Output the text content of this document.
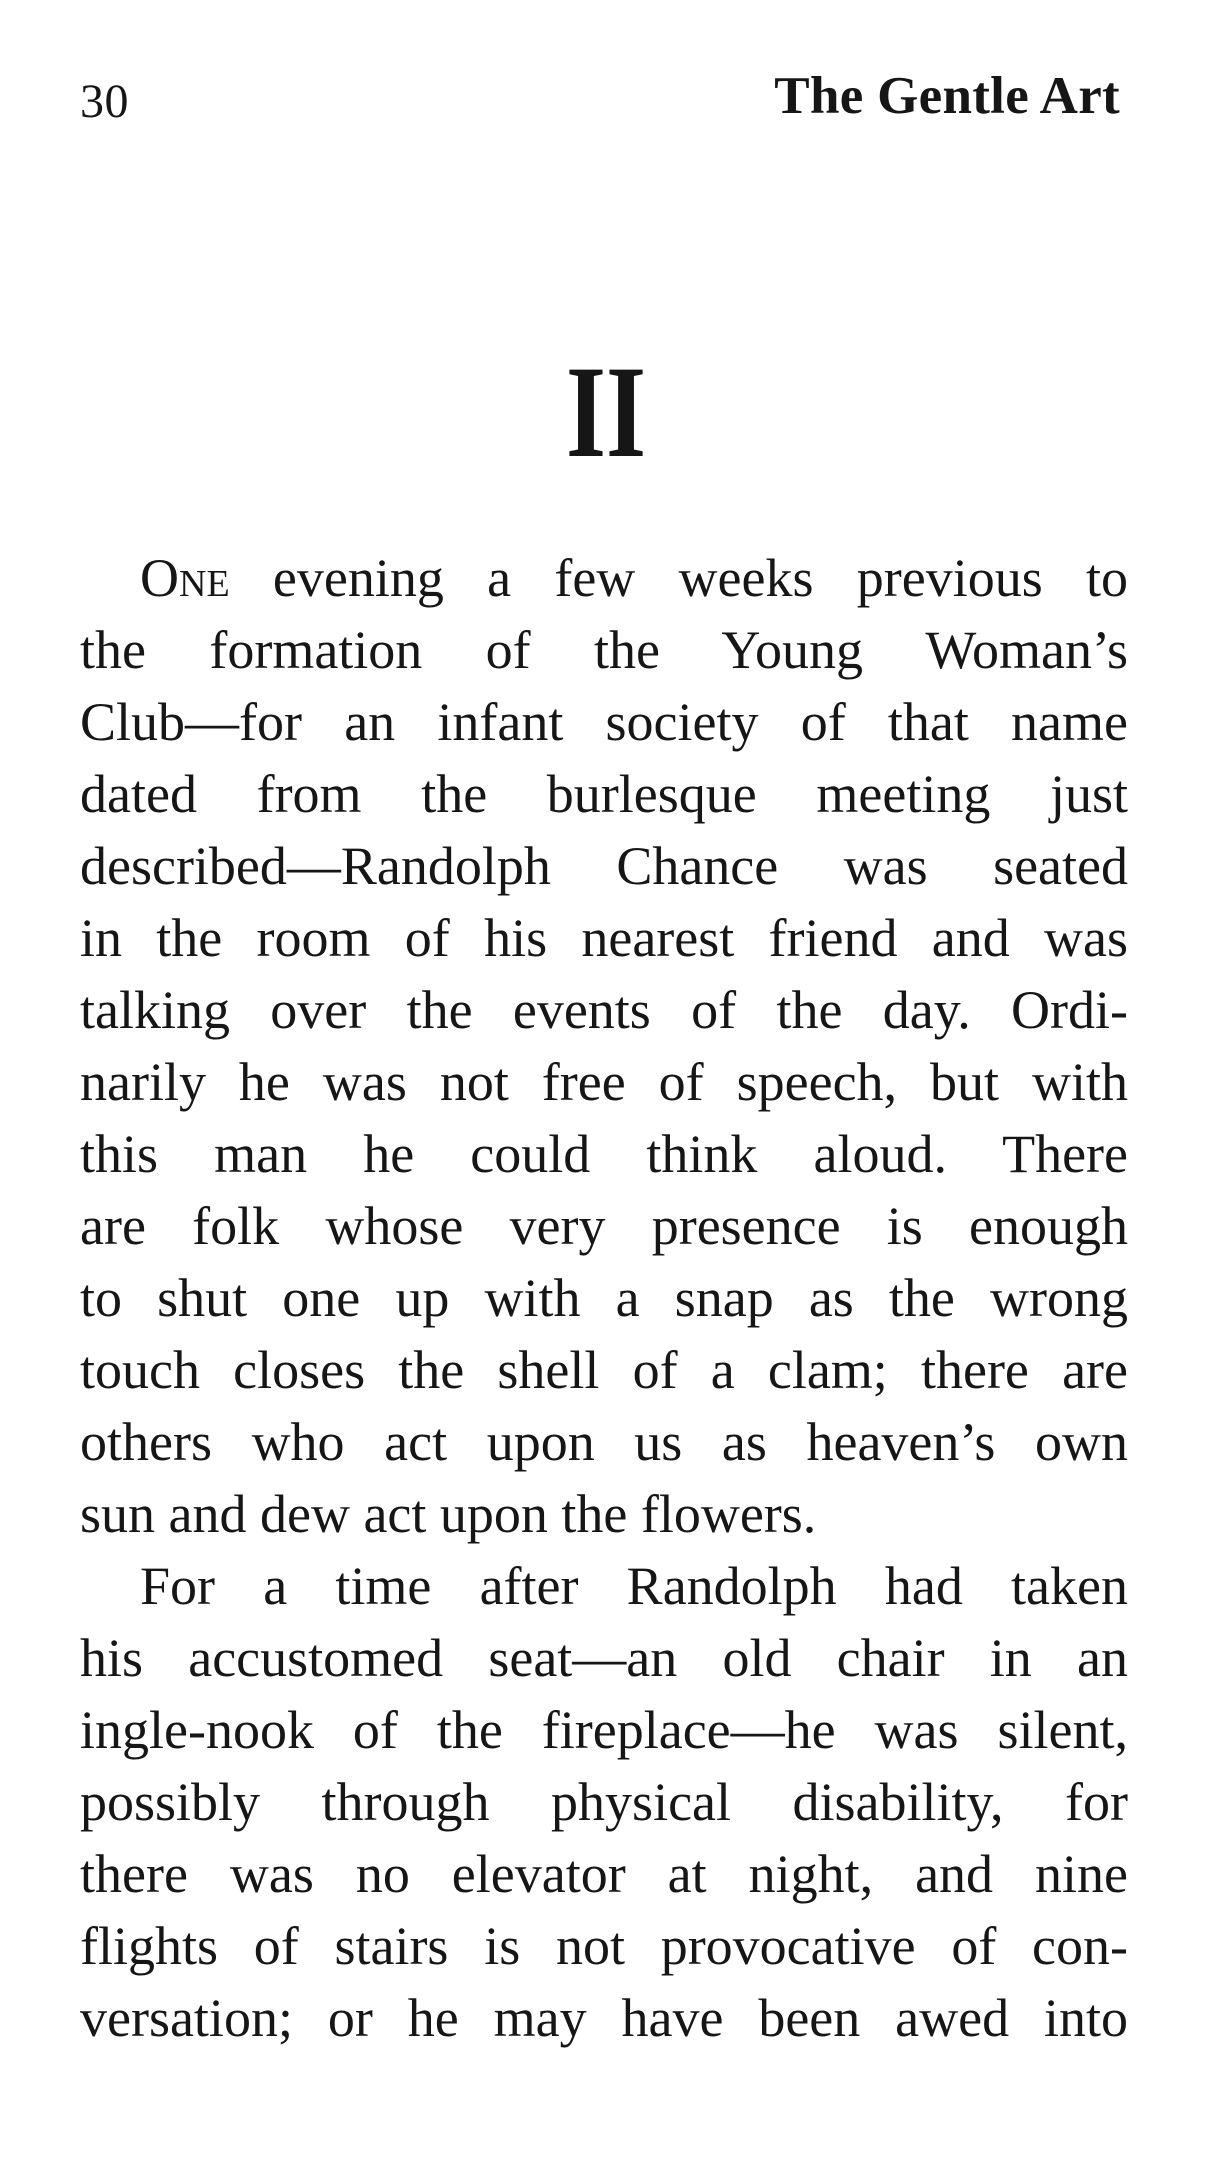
30	The Gentle Art
II
One evening a few weeks previous to
the formation of the Young Woman’s
Club—for an infant society of that name
dated from the burlesque meeting just
described—Randolph Chance was seated
in the room of his nearest friend and was
talking over the events of the day. Ordi-
narily he was not free of speech, but with
this man he could think aloud. There
are folk whose very presence is enough
to shut one up with a snap as the wrong
touch closes the shell of a clam; there are
others who act upon us as heaven’s own
sun and dew act upon the flowers.
For a time after Randolph had taken
his accustomed seat—an old chair in an
ingle-nook of the fireplace—he was silent,
possibly through physical disability, for
there was no elevator at night, and nine
flights of stairs is not provocative of con-
versation; or he may have been awed into
